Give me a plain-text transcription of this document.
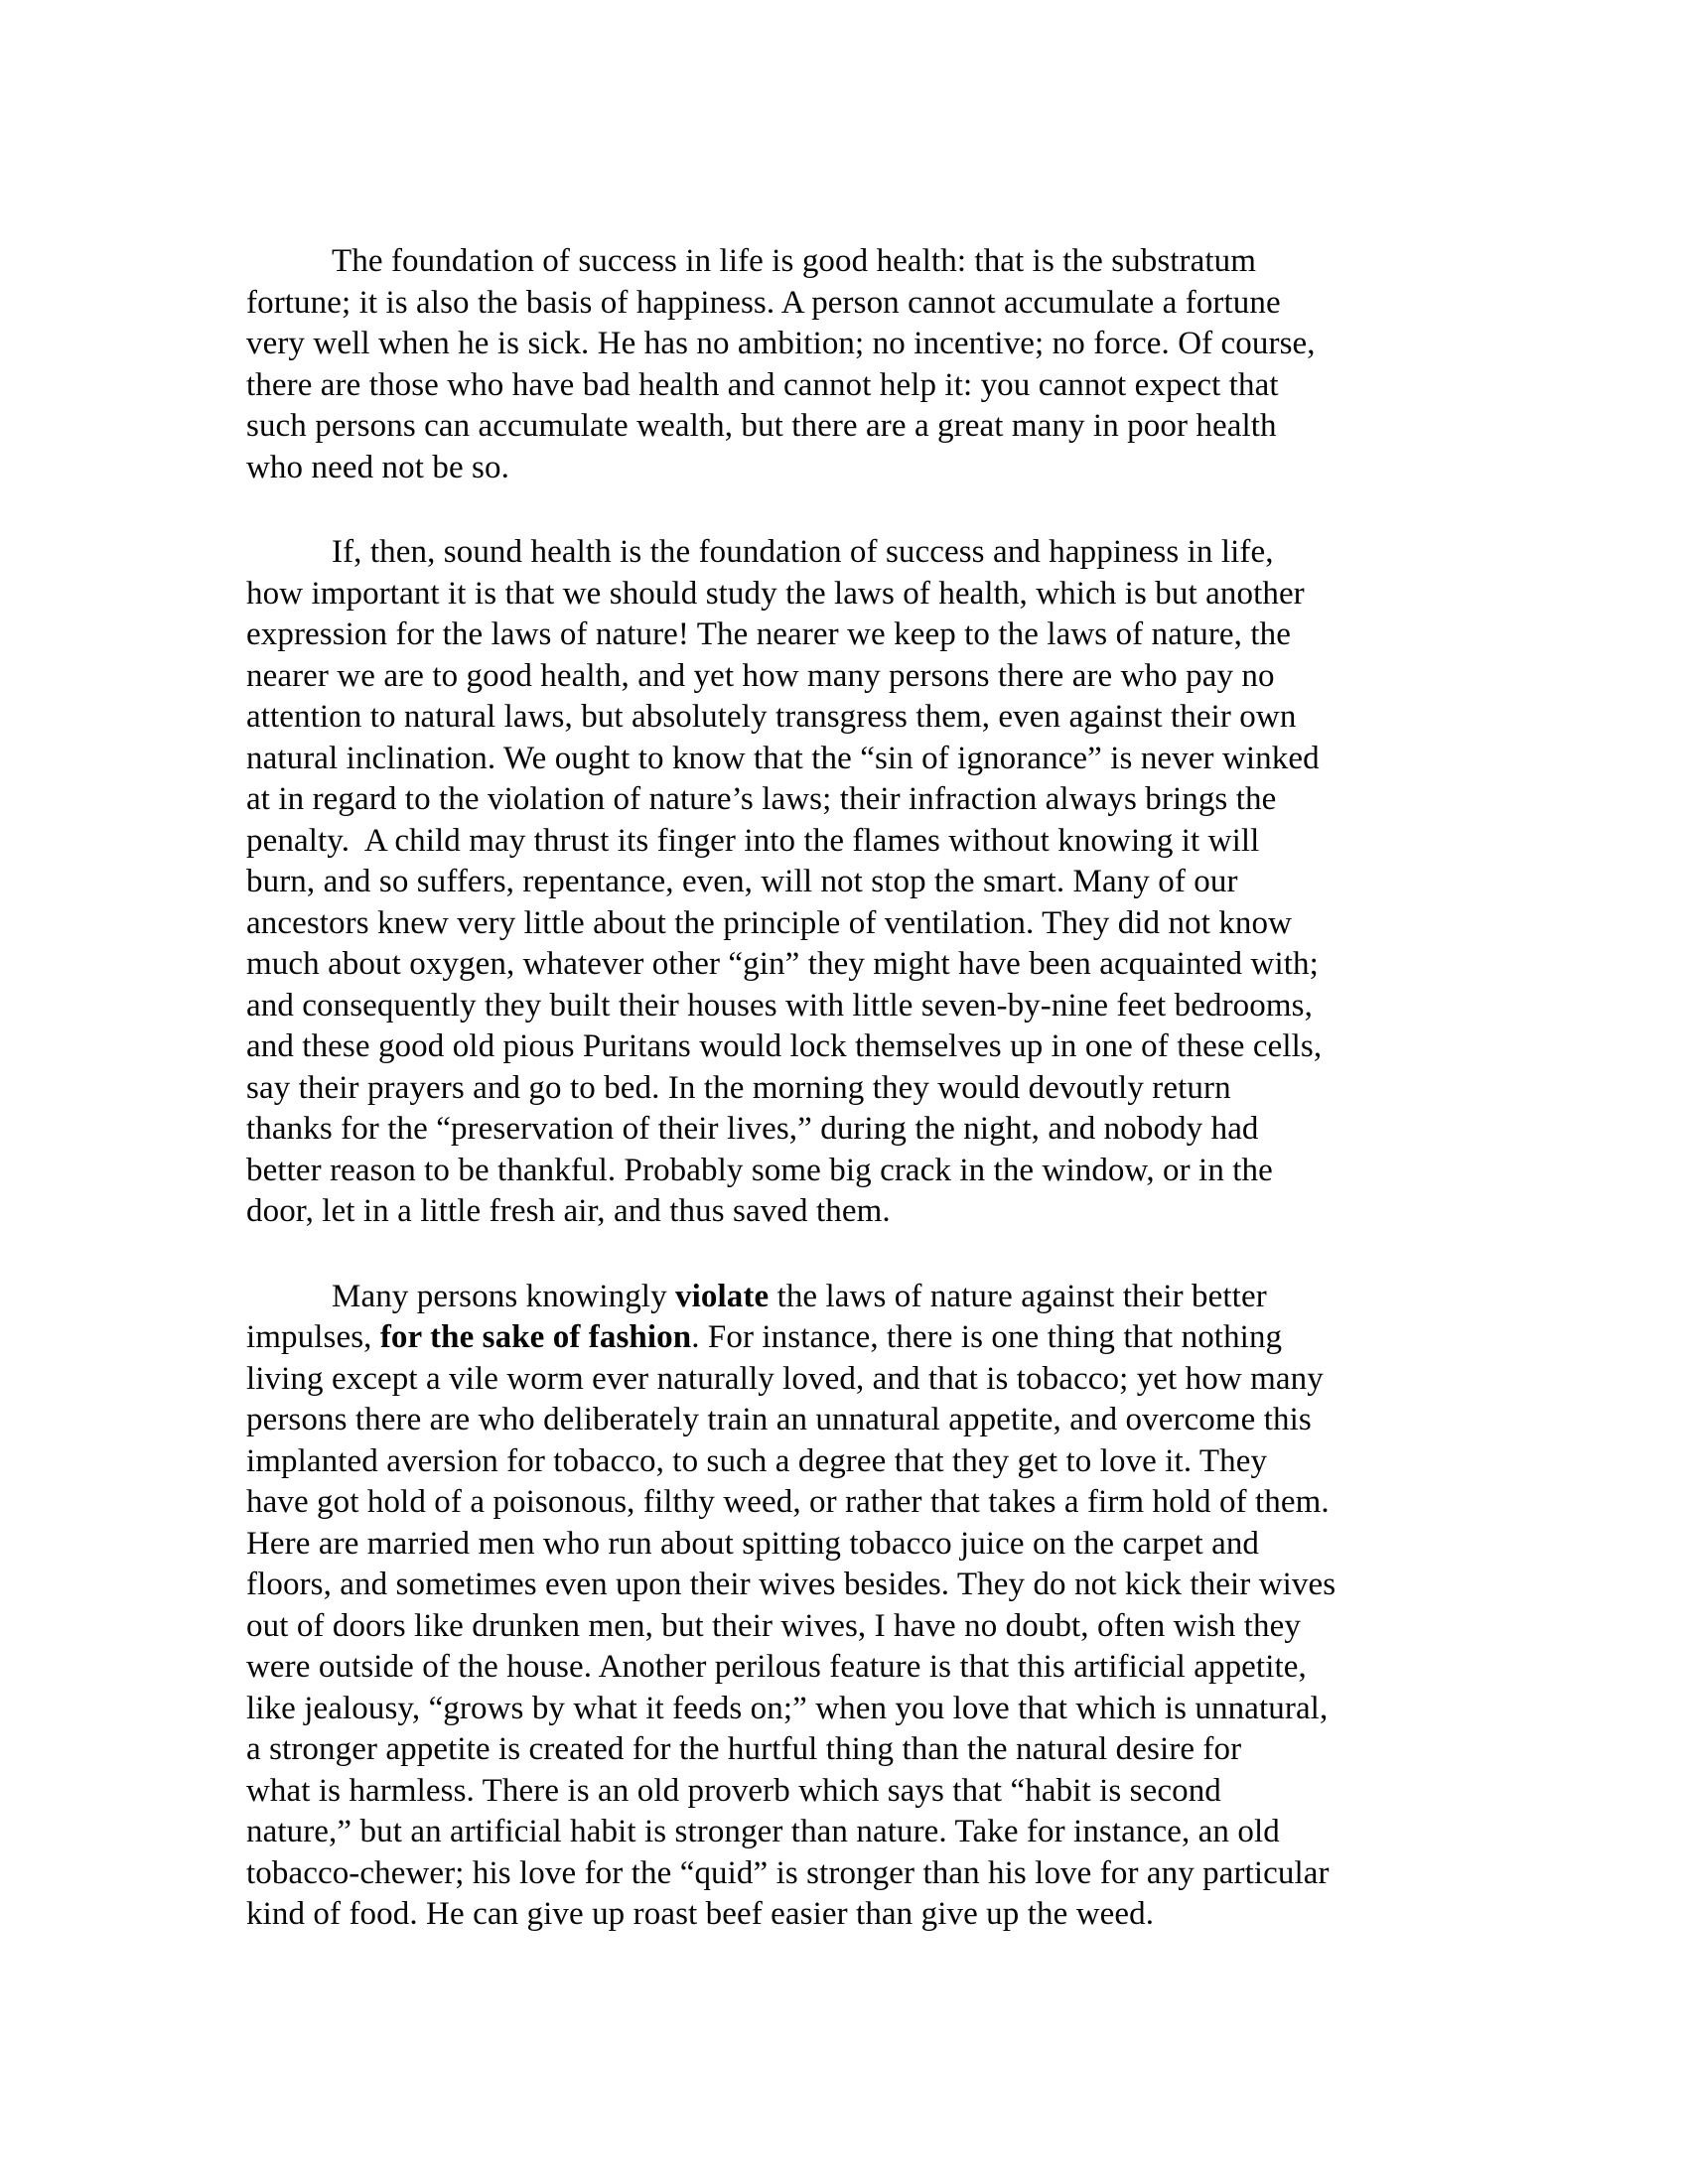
The foundation of success in life is good health: that is the substratum
fortune; it is also the basis of happiness. A person cannot accumulate a fortune
very well when he is sick. He has no ambition; no incentive; no force. Of course,
there are those who have bad health and cannot help it: you cannot expect that
such persons can accumulate wealth, but there are a great many in poor health
who need not be so.
If, then, sound health is the foundation of success and happiness in life,
how important it is that we should study the laws of health, which is but another
expression for the laws of nature! The nearer we keep to the laws of nature, the
nearer we are to good health, and yet how many persons there are who pay no
attention to natural laws, but absolutely transgress them, even against their own
natural inclination. We ought to know that the “sin of ignorance” is never winked
at in regard to the violation of nature’s laws; their infraction always brings the
penalty.  A child may thrust its finger into the flames without knowing it will
burn, and so suffers, repentance, even, will not stop the smart. Many of our
ancestors knew very little about the principle of ventilation. They did not know
much about oxygen, whatever other “gin” they might have been acquainted with;
and consequently they built their houses with little seven-by-nine feet bedrooms,
and these good old pious Puritans would lock themselves up in one of these cells,
say their prayers and go to bed. In the morning they would devoutly return
thanks for the “preservation of their lives,” during the night, and nobody had
better reason to be thankful. Probably some big crack in the window, or in the
door, let in a little fresh air, and thus saved them.
Many persons knowingly violate the laws of nature against their better
impulses, for the sake of fashion. For instance, there is one thing that nothing
living except a vile worm ever naturally loved, and that is tobacco; yet how many
persons there are who deliberately train an unnatural appetite, and overcome this
implanted aversion for tobacco, to such a degree that they get to love it. They
have got hold of a poisonous, filthy weed, or rather that takes a firm hold of them.
Here are married men who run about spitting tobacco juice on the carpet and
floors, and sometimes even upon their wives besides. They do not kick their wives
out of doors like drunken men, but their wives, I have no doubt, often wish they
were outside of the house. Another perilous feature is that this artificial appetite,
like jealousy, “grows by what it feeds on;” when you love that which is unnatural,
a stronger appetite is created for the hurtful thing than the natural desire for
what is harmless. There is an old proverb which says that “habit is second
nature,” but an artificial habit is stronger than nature. Take for instance, an old
tobacco-chewer; his love for the “quid” is stronger than his love for any particular
kind of food. He can give up roast beef easier than give up the weed.
